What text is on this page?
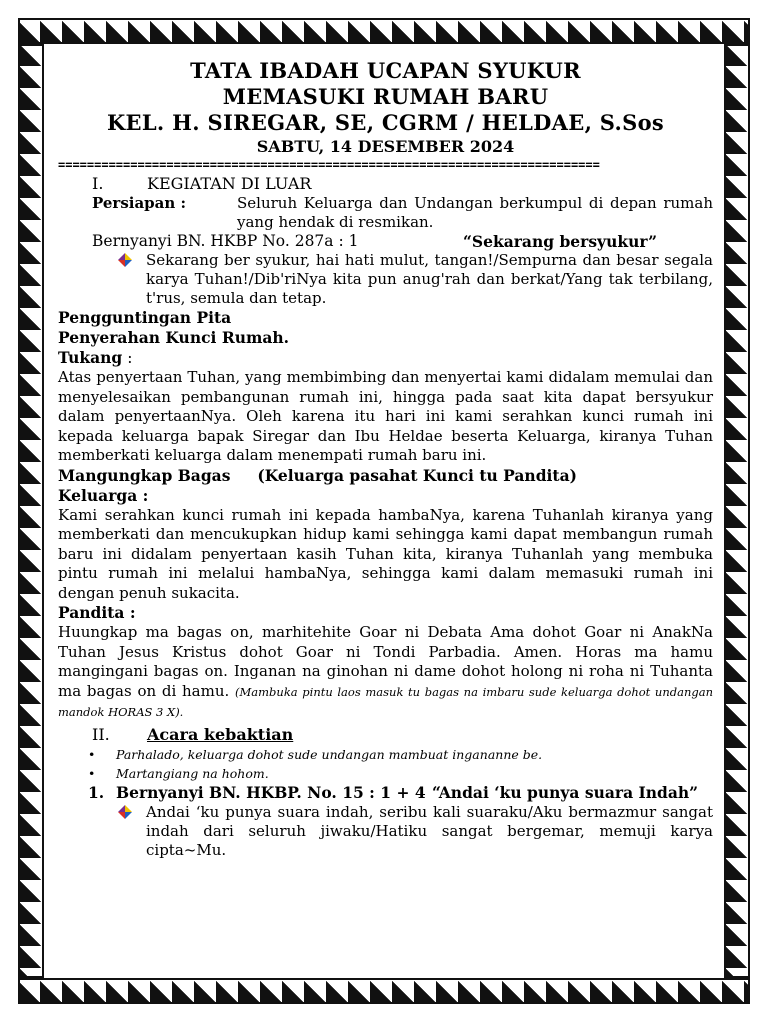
TATA IBADAH UCAPAN SYUKUR
MEMASUKI RUMAH BARU
KEL. H. SIREGAR, SE, CGRM / HELDAE, S.Sos
SABTU, 14 DESEMBER 2024
===========================================================================
I.	KEGIATAN DI LUAR
Persiapan :	Seluruh Keluarga dan Undangan berkumpul di depan rumah yang hendak di resmikan.
Bernyanyi BN. HKBP No. 287a : 1	“Sekarang bersyukur”
Sekarang ber syukur, hai hati mulut, tangan!/Sempurna dan besar segala karya Tuhan!/Dib'riNya kita pun anug'rah dan berkat/Yang tak terbilang, t'rus, semula dan tetap.
Pengguntingan Pita
Penyerahan Kunci Rumah.
Tukang :
Atas penyertaan Tuhan, yang membimbing dan menyertai kami didalam memulai dan menyelesaikan pembangunan rumah ini, hingga pada saat kita dapat bersyukur dalam penyertaanNya. Oleh karena itu hari ini kami serahkan kunci rumah ini kepada keluarga bapak Siregar dan Ibu Heldae beserta Keluarga, kiranya Tuhan memberkati keluarga dalam menempati rumah baru ini.
Mangungkap Bagas     (Keluarga pasahat Kunci tu Pandita)
Keluarga :
Kami serahkan kunci rumah ini kepada hambaNya, karena Tuhanlah kiranya yang memberkati dan mencukupkan hidup kami sehingga kami dapat membangun rumah baru ini didalam penyertaan kasih Tuhan kita, kiranya Tuhanlah yang membuka pintu rumah ini melalui hambaNya, sehingga kami dalam memasuki rumah ini dengan penuh sukacita.
Pandita :
Huungkap ma bagas on, marhitehite Goar ni Debata Ama dohot Goar ni AnakNa Tuhan Jesus Kristus dohot Goar ni Tondi Parbadia. Amen. Horas ma hamu mangingani bagas on. Inganan na ginohan ni dame dohot holong ni roha ni Tuhanta ma bagas on di hamu. (Mambuka pintu laos masuk tu bagas na imbaru sude keluarga dohot undangan mandok HORAS 3 X).
II. Acara kebaktian
•	Parhalado, keluarga dohot sude undangan mambuat ingananne be.
•	Martangiang na hohom.
1. Bernyanyi BN. HKBP. No. 15 : 1 + 4 “Andai ‘ku punya suara Indah”
Andai ‘ku punya suara indah, seribu kali suaraku/Aku bermazmur sangat indah dari seluruh jiwaku/Hatiku sangat bergemar, memuji karya cipta~Mu.
